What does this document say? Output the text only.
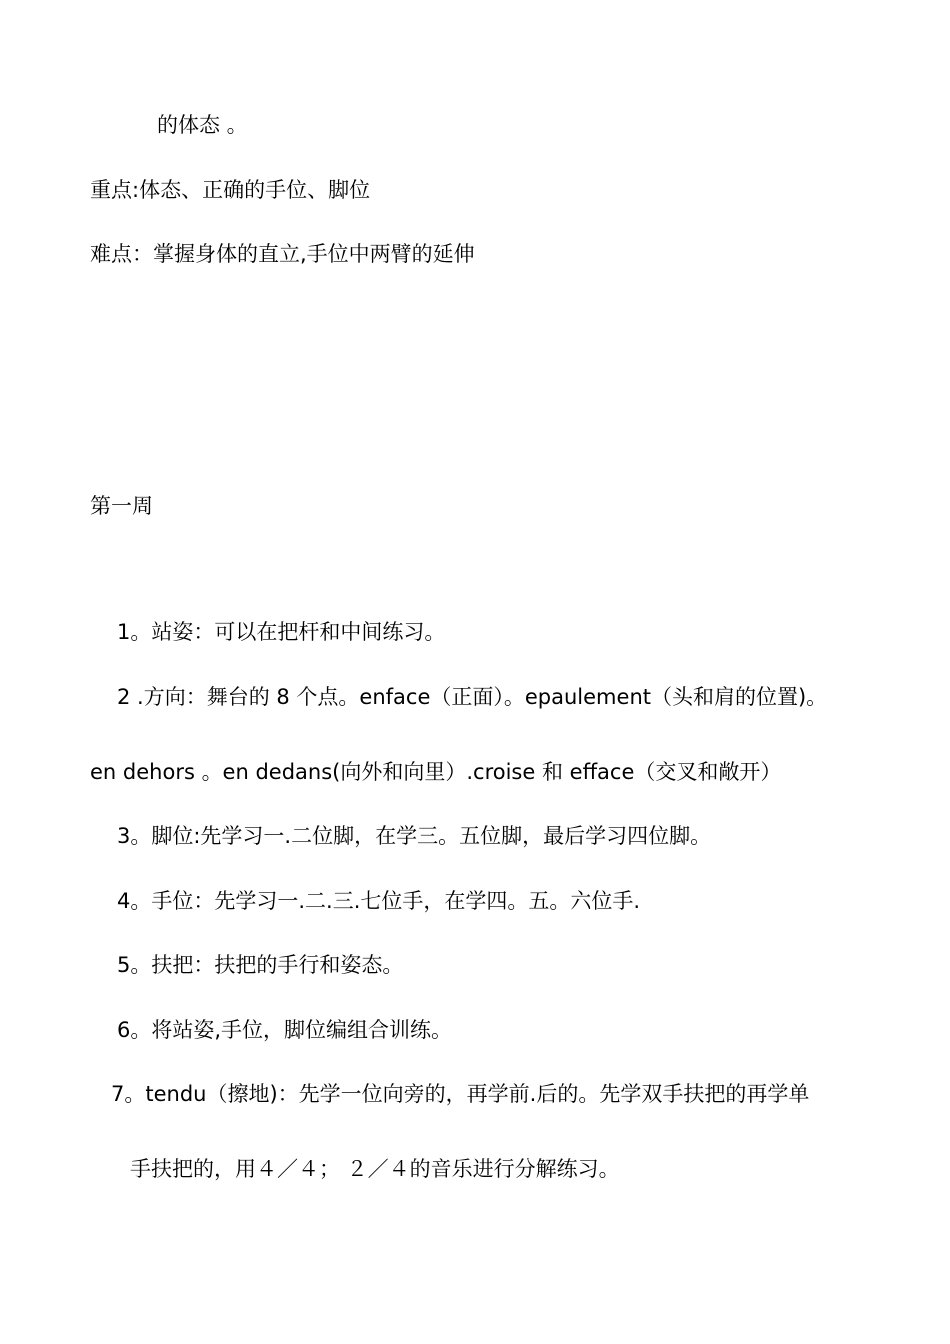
的体态 。
重点:体态、正确的手位、脚位
难点：掌握身体的直立,手位中两臂的延伸
第一周
1。站姿：可以在把杆和中间练习。
2 .方向：舞台的 8 个点。enface（正面）。epaulement（头和肩的位置)。
en dehors 。en dedans(向外和向里）.croise 和 efface（交叉和敞开）
3。脚位:先学习一.二位脚，在学三。五位脚，最后学习四位脚。
4。手位：先学习一.二.三.七位手，在学四。五。六位手.
5。扶把：扶把的手行和姿态。
6。将站姿,手位，脚位编组合训练。
7。tendu（擦地)：先学一位向旁的，再学前.后的。先学双手扶把的再学单
手扶把的，用４／４； ２／４的音乐进行分解练习。
